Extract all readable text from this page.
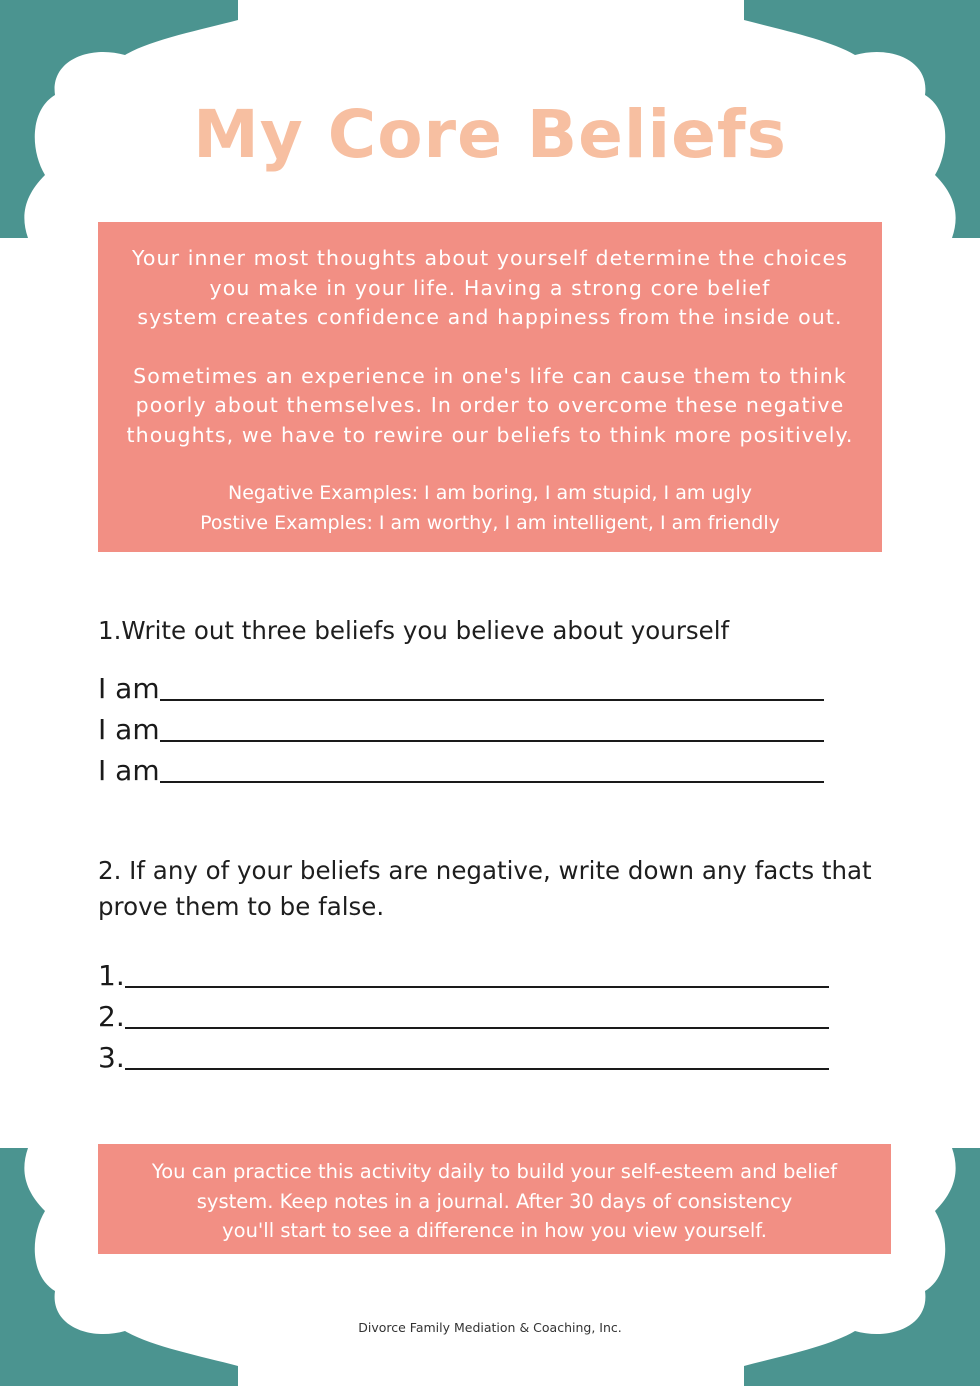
My Core Beliefs

Your inner most thoughts about yourself determine the choices
you make in your life. Having a strong core belief
system creates confidence and happiness from the inside out.

Sometimes an experience in one's life can cause them to think
poorly about themselves. In order to overcome these negative
thoughts, we have to rewire our beliefs to think more positively.

Negative Examples: I am boring, I am stupid, I am ugly
Postive Examples: I am worthy, I am intelligent, I am friendly
1.Write out three beliefs you believe about yourself
I am
I am
I am
2. If any of your beliefs are negative, write down any facts that prove them to be false.
1.
2.
3.
You can practice this activity daily to build your self-esteem and belief
system. Keep notes in a journal. After 30 days of consistency
you'll start to see a difference in how you view yourself.
Divorce Family Mediation & Coaching, Inc.
